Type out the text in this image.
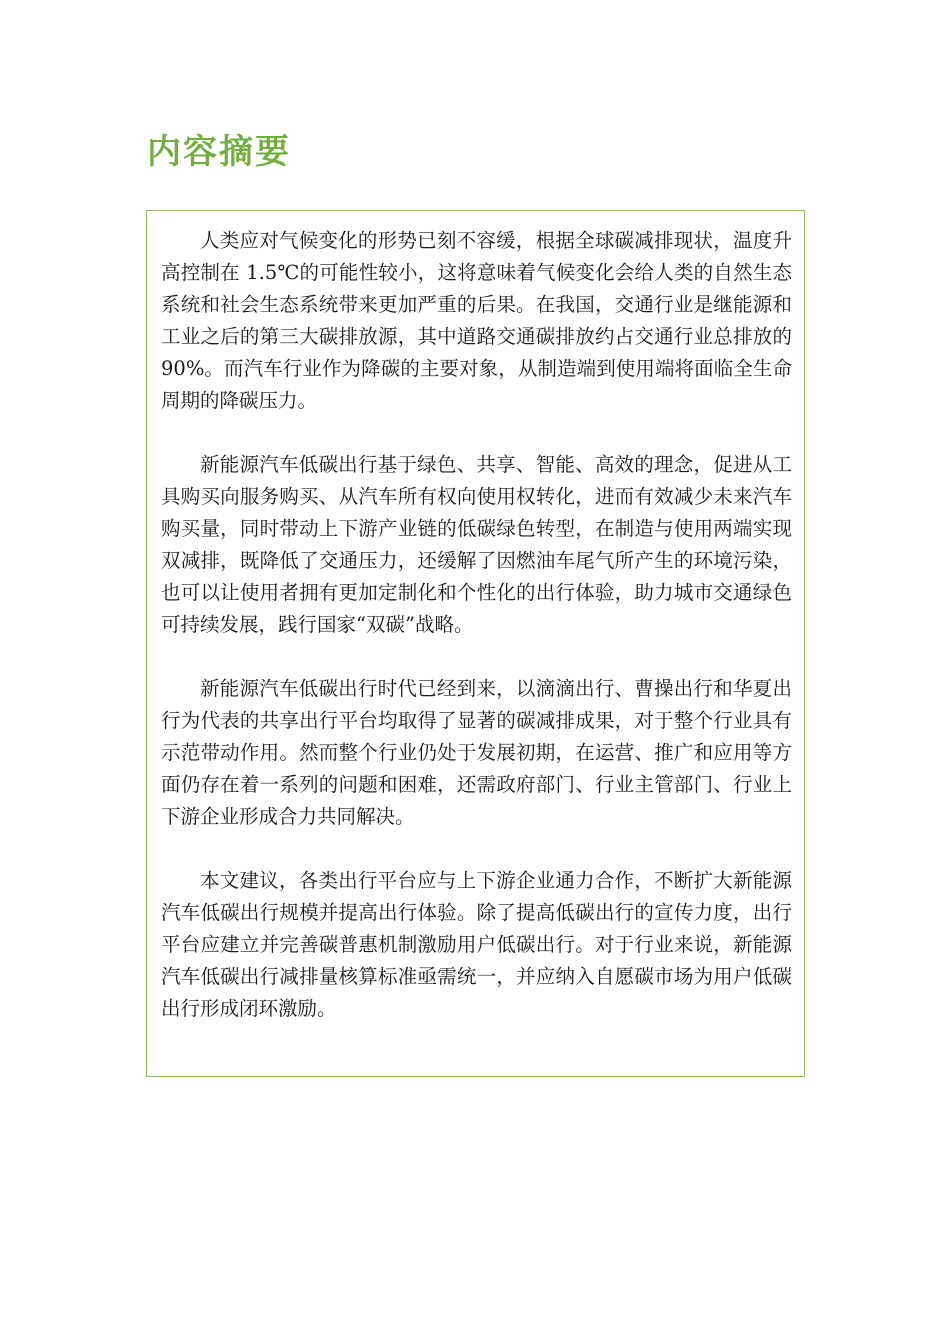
内容摘要

人类应对气候变化的形势已刻不容缓，根据全球碳减排现状，温度升高控制在 1.5℃的可能性较小，这将意味着气候变化会给人类的自然生态系统和社会生态系统带来更加严重的后果。在我国，交通行业是继能源和工业之后的第三大碳排放源，其中道路交通碳排放约占交通行业总排放的 90%。而汽车行业作为降碳的主要对象，从制造端到使用端将面临全生命周期的降碳压力。

新能源汽车低碳出行基于绿色、共享、智能、高效的理念，促进从工具购买向服务购买、从汽车所有权向使用权转化，进而有效减少未来汽车购买量，同时带动上下游产业链的低碳绿色转型，在制造与使用两端实现双减排，既降低了交通压力，还缓解了因燃油车尾气所产生的环境污染，也可以让使用者拥有更加定制化和个性化的出行体验，助力城市交通绿色可持续发展，践行国家“双碳”战略。

新能源汽车低碳出行时代已经到来，以滴滴出行、曹操出行和华夏出行为代表的共享出行平台均取得了显著的碳减排成果，对于整个行业具有示范带动作用。然而整个行业仍处于发展初期，在运营、推广和应用等方面仍存在着一系列的问题和困难，还需政府部门、行业主管部门、行业上下游企业形成合力共同解决。

本文建议，各类出行平台应与上下游企业通力合作，不断扩大新能源汽车低碳出行规模并提高出行体验。除了提高低碳出行的宣传力度，出行平台应建立并完善碳普惠机制激励用户低碳出行。对于行业来说，新能源汽车低碳出行减排量核算标准亟需统一，并应纳入自愿碳市场为用户低碳出行形成闭环激励。
